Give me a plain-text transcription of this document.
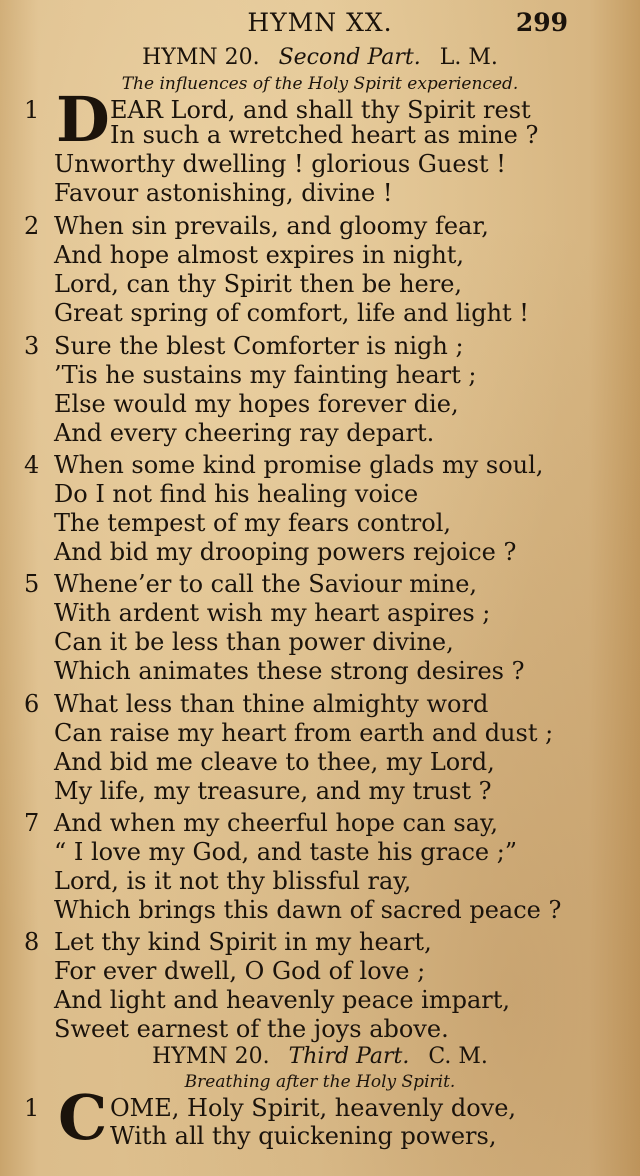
HYMN XX.	299
HYMN 20. Second Part. L. M.
The influences of the Holy Spirit experienced.
1 D EAR Lord, and shall thy Spirit rest
In such a wretched heart as mine ?
Unworthy dwelling ! glorious Guest !
Favour astonishing, divine !
2 When sin prevails, and gloomy fear,
And hope almost expires in night,
Lord, can thy Spirit then be here,
Great spring of comfort, life and light !
3 Sure the blest Comforter is nigh ;
’Tis he sustains my fainting heart ;
Else would my hopes forever die,
And every cheering ray depart.
4 When some kind promise glads my soul,
Do I not find his healing voice
The tempest of my fears control,
And bid my drooping powers rejoice ?
5 Whene’er to call the Saviour mine,
With ardent wish my heart aspires ;
Can it be less than power divine,
Which animates these strong desires ?
6 What less than thine almighty word
Can raise my heart from earth and dust ;
And bid me cleave to thee, my Lord,
My life, my treasure, and my trust ?
7 And when my cheerful hope can say,
“ I love my God, and taste his grace ;”
Lord, is it not thy blissful ray,
Which brings this dawn of sacred peace ?
8 Let thy kind Spirit in my heart,
For ever dwell, O God of love ;
And light and heavenly peace impart,
Sweet earnest of the joys above.
HYMN 20. Third Part. C. M.
Breathing after the Holy Spirit.
1 C OME, Holy Spirit, heavenly dove,
With all thy quickening powers,
